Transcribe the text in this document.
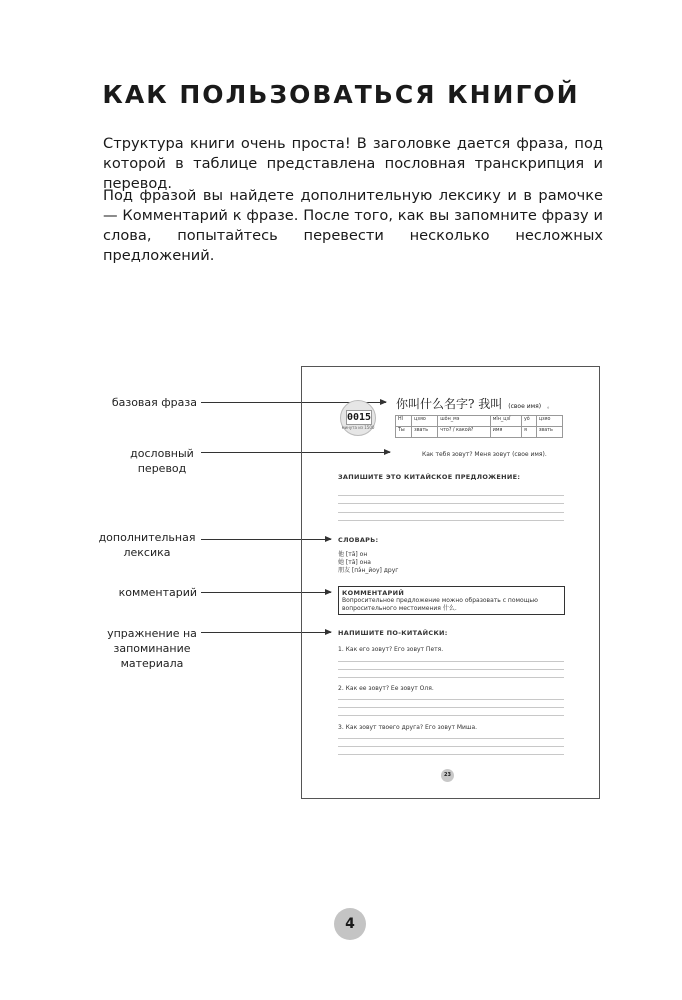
КАК ПОЛЬЗОВАТЬСЯ КНИГОЙ

Структура книги очень проста! В заголовке дается фраза, под которой в таблице представлена пословная транскрипция и перевод.

Под фразой вы найдете дополнительную лексику и в рамочке — Комментарий к фразе. После того, как вы запомните фразу и слова, попытайтесь перевести несколько несложных предложений.

базовая фраза
дословный перевод
дополнительная лексика
комментарий
упражнение на запоминание материала
0015
минута из 1500
你叫什么名字? 我叫 (свое имя) 。
Нǐ	цзяо	шǒн_мэ	мǐн_цзǐ	уǒ	цзяо
Ты	звать	что? / какой?	имя	я	звать
Как тебя зовут? Меня зовут (свое имя).
ЗАПИШИТЕ ЭТО КИТАЙСКОЕ ПРЕДЛОЖЕНИЕ:
СЛОВАРЬ:
他 [тā] он
她 [тā] она
朋友 [пэ́н_йоу] друг
КОММЕНТАРИЙ
Вопросительное предложение можно образовать с помощью вопросительного местоимения 什么.
НАПИШИТЕ ПО-КИТАЙСКИ:
1. Как его зовут? Его зовут Петя.
2. Как ее зовут? Ее зовут Оля.
3. Как зовут твоего друга? Его зовут Миша.
23
4
